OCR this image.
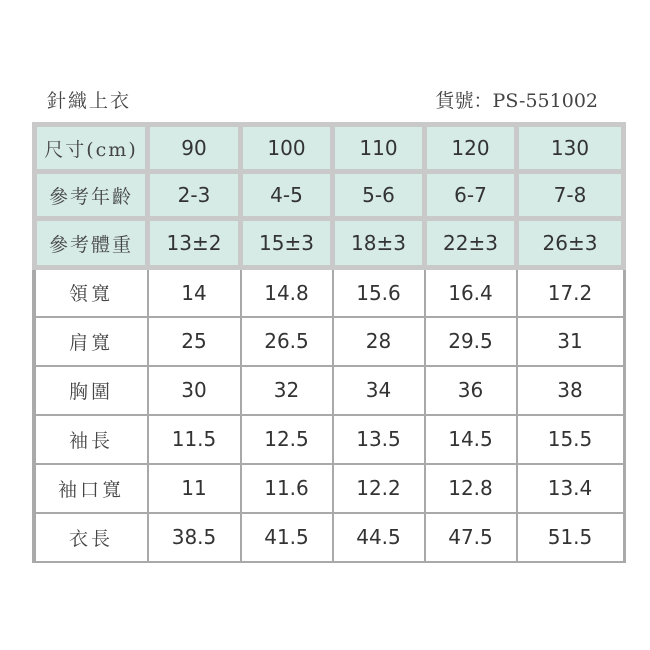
針織上衣	貨號：PS-551002
尺寸(cm)	90	100	110	120	130
參考年齡	2-3	4-5	5-6	6-7	7-8
參考體重	13±2	15±3	18±3	22±3	26±3
領寬	14	14.8	15.6	16.4	17.2
肩寬	25	26.5	28	29.5	31
胸圍	30	32	34	36	38
袖長	11.5	12.5	13.5	14.5	15.5
袖口寬	11	11.6	12.2	12.8	13.4
衣長	38.5	41.5	44.5	47.5	51.5
